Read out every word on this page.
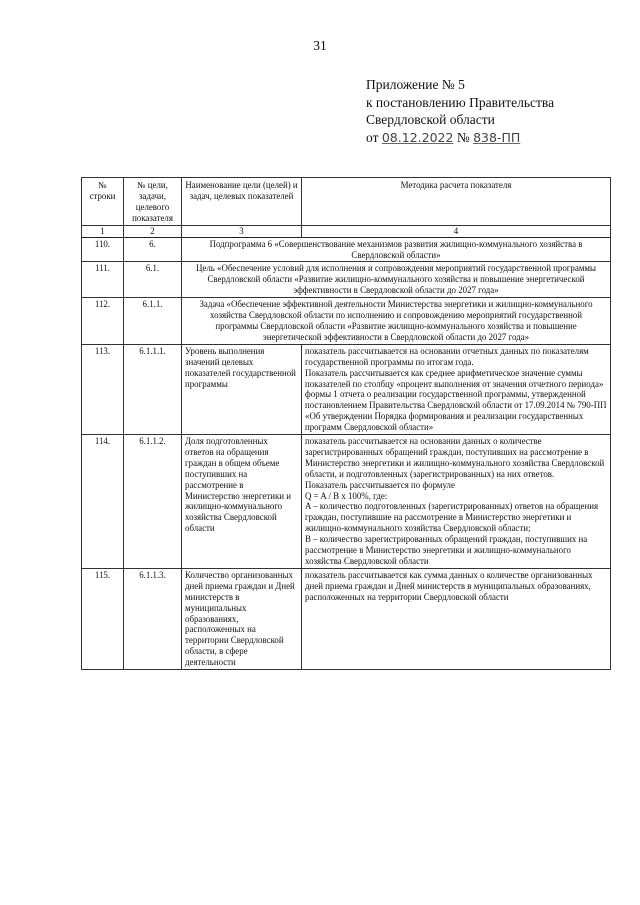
31
Приложение № 5
к постановлению Правительства
Свердловской области
от 08.12.2022 № 838-ПП
№ строки	№ цели, задачи, целевого показателя	Наименование цели (целей) и задач, целевых показателей	Методика расчета показателя
1	2	3	4
110.	6.	Подпрограмма 6 «Совершенствование механизмов развития жилищно-коммунального хозяйства в Свердловской области»	
111.	6.1.	Цель «Обеспечение условий для исполнения и сопровождения мероприятий государственной программы Свердловской области «Развитие жилищно-коммунального хозяйства и повышение энергетической эффективности в Свердловской области до 2027 года»	
112.	6.1.1.	Задача «Обеспечение эффективной деятельности Министерства энергетики и жилищно-коммунального хозяйства Свердловской области по исполнению и сопровождению мероприятий государственной программы Свердловской области «Развитие жилищно-коммунального хозяйства и повышение энергетической эффективности в Свердловской области до 2027 года»	
113.	6.1.1.1.	Уровень выполнения значений целевых показателей государственной программы	показатель рассчитывается на основании отчетных данных по показателям государственной программы по итогам года.
Показатель рассчитывается как среднее арифметическое значение суммы показателей по столбцу «процент выполнения от значения отчетного периода» формы 1 отчета о реализации государственной программы, утвержденной постановлением Правительства Свердловской области от 17.09.2014 № 790-ПП «Об утверждении Порядка формирования и реализации государственных программ Свердловской области»
114.	6.1.1.2.	Доля подготовленных ответов на обращения граждан в общем объеме поступивших на рассмотрение в Министерство энергетики и жилищно-коммунального хозяйства Свердловской области	показатель рассчитывается на основании данных о количестве зарегистрированных обращений граждан, поступивших на рассмотрение в Министерство энергетики и жилищно-коммунального хозяйства Свердловской области, и подготовленных (зарегистрированных) на них ответов.
Показатель рассчитывается по формуле
Q = A / B x 100%, где:
A – количество подготовленных (зарегистрированных) ответов на обращения граждан, поступившие на рассмотрение в Министерство энергетики и жилищно-коммунального хозяйства Свердловской области;
B – количество зарегистрированных обращений граждан, поступивших на рассмотрение в Министерство энергетики и жилищно-коммунального хозяйства Свердловской области
115.	6.1.1.3.	Количество организованных дней приема граждан и Дней министерств в муниципальных образованиях, расположенных на территории Свердловской области, в сфере деятельности	показатель рассчитывается как сумма данных о количестве организованных дней приема граждан и Дней министерств в муниципальных образованиях, расположенных на территории Свердловской области
